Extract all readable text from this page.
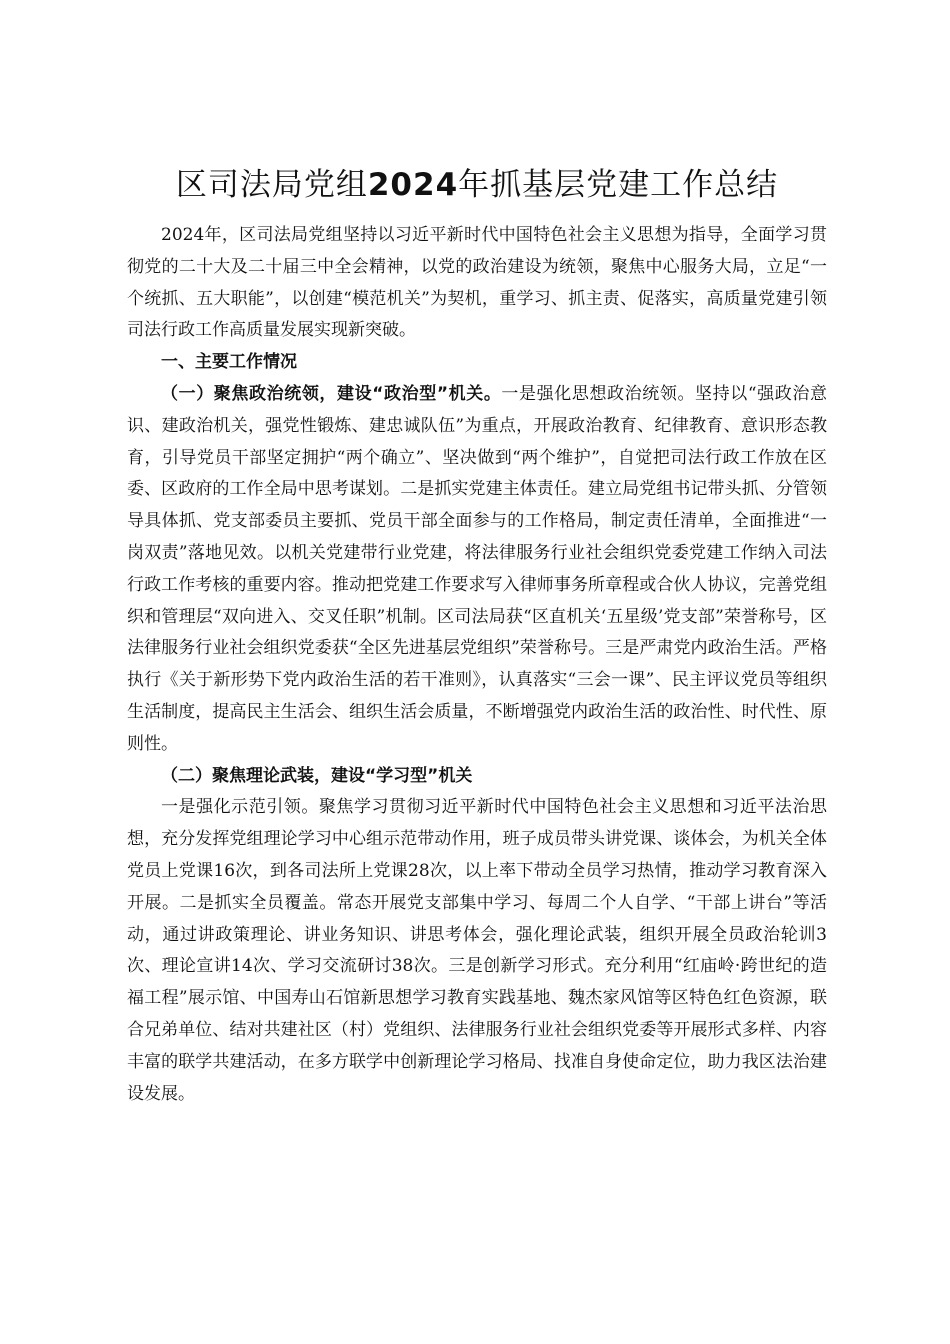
区司法局党组2024年抓基层党建工作总结

2024年，区司法局党组坚持以习近平新时代中国特色社会主义思想为指导，全面学习贯彻党的二十大及二十届三中全会精神，以党的政治建设为统领，聚焦中心服务大局，立足“一个统抓、五大职能”，以创建“模范机关”为契机，重学习、抓主责、促落实，高质量党建引领司法行政工作高质量发展实现新突破。

一、主要工作情况

（一）聚焦政治统领，建设“政治型”机关。一是强化思想政治统领。坚持以“强政治意识、建政治机关，强党性锻炼、建忠诚队伍”为重点，开展政治教育、纪律教育、意识形态教育，引导党员干部坚定拥护“两个确立”、坚决做到“两个维护”，自觉把司法行政工作放在区委、区政府的工作全局中思考谋划。二是抓实党建主体责任。建立局党组书记带头抓、分管领导具体抓、党支部委员主要抓、党员干部全面参与的工作格局，制定责任清单，全面推进“一岗双责”落地见效。以机关党建带行业党建，将法律服务行业社会组织党委党建工作纳入司法行政工作考核的重要内容。推动把党建工作要求写入律师事务所章程或合伙人协议，完善党组织和管理层“双向进入、交叉任职”机制。区司法局获“区直机关‘五星级’党支部”荣誉称号，区法律服务行业社会组织党委获“全区先进基层党组织”荣誉称号。三是严肃党内政治生活。严格执行《关于新形势下党内政治生活的若干准则》，认真落实“三会一课”、民主评议党员等组织生活制度，提高民主生活会、组织生活会质量，不断增强党内政治生活的政治性、时代性、原则性。

（二）聚焦理论武装，建设“学习型”机关

一是强化示范引领。聚焦学习贯彻习近平新时代中国特色社会主义思想和习近平法治思想，充分发挥党组理论学习中心组示范带动作用，班子成员带头讲党课、谈体会，为机关全体党员上党课16次，到各司法所上党课28次，以上率下带动全员学习热情，推动学习教育深入开展。二是抓实全员覆盖。常态开展党支部集中学习、每周二个人自学、“干部上讲台”等活动，通过讲政策理论、讲业务知识、讲思考体会，强化理论武装，组织开展全员政治轮训3次、理论宣讲14次、学习交流研讨38次。三是创新学习形式。充分利用“红庙岭·跨世纪的造福工程”展示馆、中国寿山石馆新思想学习教育实践基地、魏杰家风馆等区特色红色资源，联合兄弟单位、结对共建社区（村）党组织、法律服务行业社会组织党委等开展形式多样、内容丰富的联学共建活动，在多方联学中创新理论学习格局、找准自身使命定位，助力我区法治建设发展。
